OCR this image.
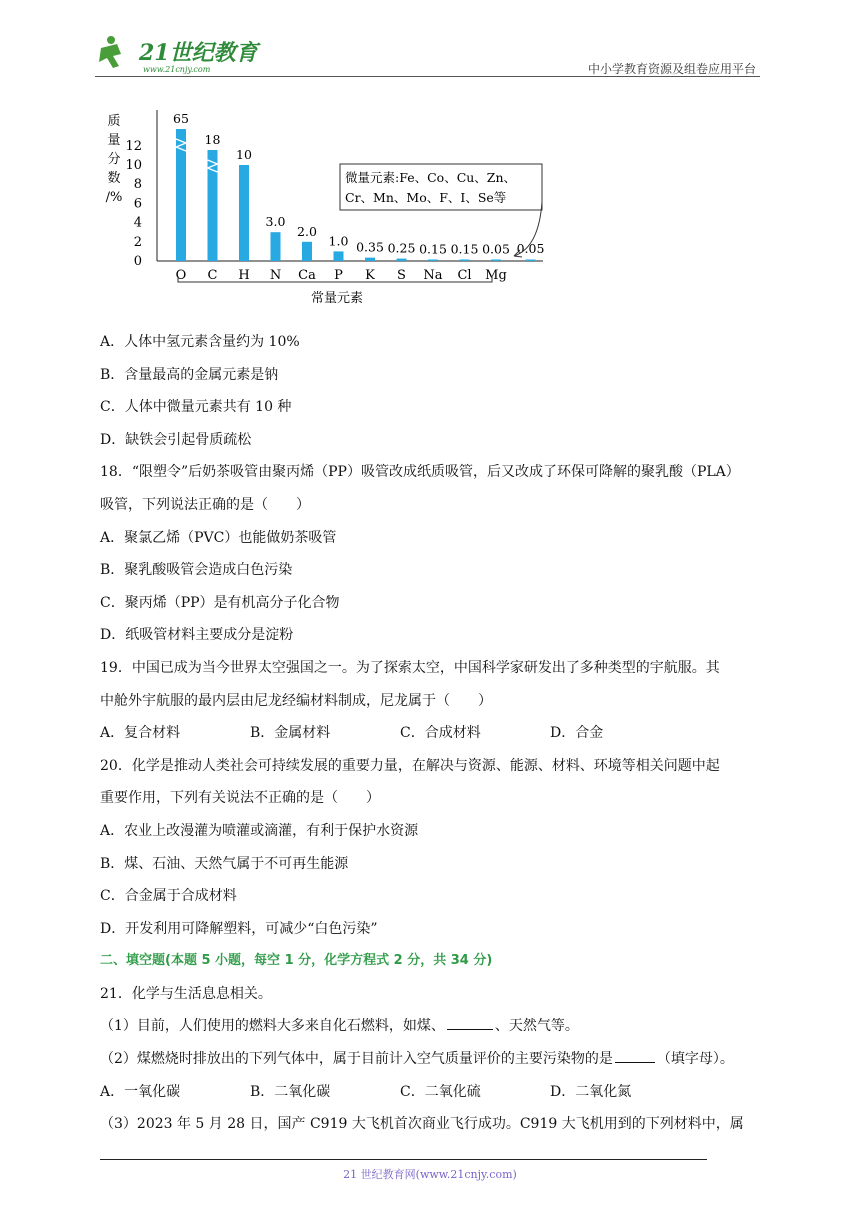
21世纪教育
www.21cnjy.com	中小学教育资源及组卷应用平台
质
量
分
数
/%
0
2
4
6
8
10
12
65
O
18
C
10
H
3.0
N
2.0
Ca
1.0
P
0.35
K
0.25
S
0.15
Na
0.15
Cl
0.05
Mg
0.05
常量元素
微量元素:Fe、Co、Cu、Zn、
Cr、Mn、Mo、F、I、Se等
A．人体中氢元素含量约为 10%
B．含量最高的金属元素是钠
C．人体中微量元素共有 10 种
D．缺铁会引起骨质疏松
18．“限塑令”后奶茶吸管由聚丙烯（PP）吸管改成纸质吸管，后又改成了环保可降解的聚乳酸（PLA）
吸管，下列说法正确的是（　　）
A．聚氯乙烯（PVC）也能做奶茶吸管
B．聚乳酸吸管会造成白色污染
C．聚丙烯（PP）是有机高分子化合物
D．纸吸管材料主要成分是淀粉
19．中国已成为当今世界太空强国之一。为了探索太空，中国科学家研发出了多种类型的宇航服。其
中舱外宇航服的最内层由尼龙经编材料制成，尼龙属于（　　）
A．复合材料	B．金属材料	C．合成材料	D．合金
20．化学是推动人类社会可持续发展的重要力量，在解决与资源、能源、材料、环境等相关问题中起
重要作用，下列有关说法不正确的是（　　）
A．农业上改漫灌为喷灌或滴灌，有利于保护水资源
B．煤、石油、天然气属于不可再生能源
C．合金属于合成材料
D．开发利用可降解塑料，可减少“白色污染”
二、填空题(本题 5 小题，每空 1 分，化学方程式 2 分，共 34 分)
21．化学与生活息息相关。
（1）目前，人们使用的燃料大多来自化石燃料，如煤、	、天然气等。
（2）煤燃烧时排放出的下列气体中，属于目前计入空气质量评价的主要污染物的是	（填字母）。
A．一氧化碳	B．二氧化碳	C．二氧化硫	D．二氧化氮
（3）2023 年 5 月 28 日，国产 C919 大飞机首次商业飞行成功。C919 大飞机用到的下列材料中，属
21 世纪教育网(www.21cnjy.com)
